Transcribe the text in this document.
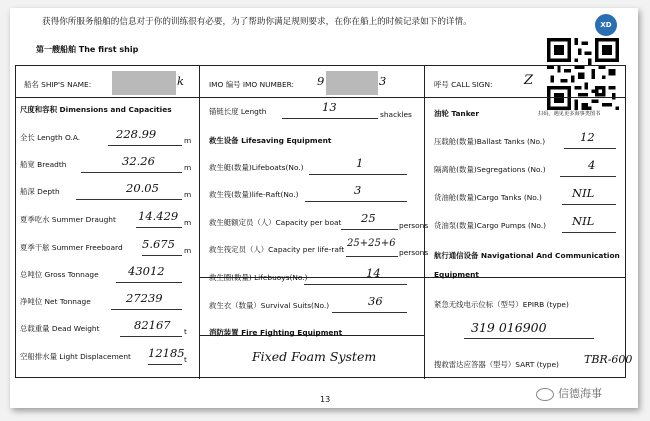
XD
获得你所服务船舶的信息对于你的训练很有必要，为了帮助你满足规则要求，在你在船上的时候记录如下的详情。
第一艘船舶 The first ship
扫码，遇见更多海事类图书
船名 SHIP'S NAME:	k	IMO 编号 IMO NUMBER: 9	3	呼号 CALL SIGN: Z
尺度和容积 Dimensions and Capacities
全长 Length O.A.	228.99	m
船宽 Breadth	32.26	m
船深 Depth	20.05	m
夏季吃水 Summer Draught 14.429 m
夏季干舷 Summer Freeboard 5.675 m
总吨位 Gross Tonnage	43012
净吨位 Net Tonnage	27239
总载重量 Dead Weight	82167 t
空船排水量 Light Displacement 12185 t
锚链长度 Length	13
shackles
救生设备 Lifesaving Equipment
救生艇(数量)Lifeboats(No.)	1
救生筏(数量)life-Raft(No.)	3
救生艇额定员（人）Capacity per boat 25
persons
救生筏定员（人）Capacity per life-raft
25+25+6
persons
救生圈(数量) Lifebuoys(No.)	14
救生衣（数量）Survival Suits(No.)	36
消防装置 Fire Fighting Equipment
Fixed Foam System
油轮 Tanker
压载舱(数量)Ballast Tanks (No.)	12
隔离舱(数量)Segregations (No.)	4
货油舱(数量)Cargo Tanks (No.)	NIL
货油泵(数量)Cargo Pumps (No.) NIL
航行通信设备 Navigational And Communication
Equipment
紧急无线电示位标（型号）EPIRB (type)
319 016900
搜救雷达应答器（型号）SART (type) TBR-600
13	信德海事
